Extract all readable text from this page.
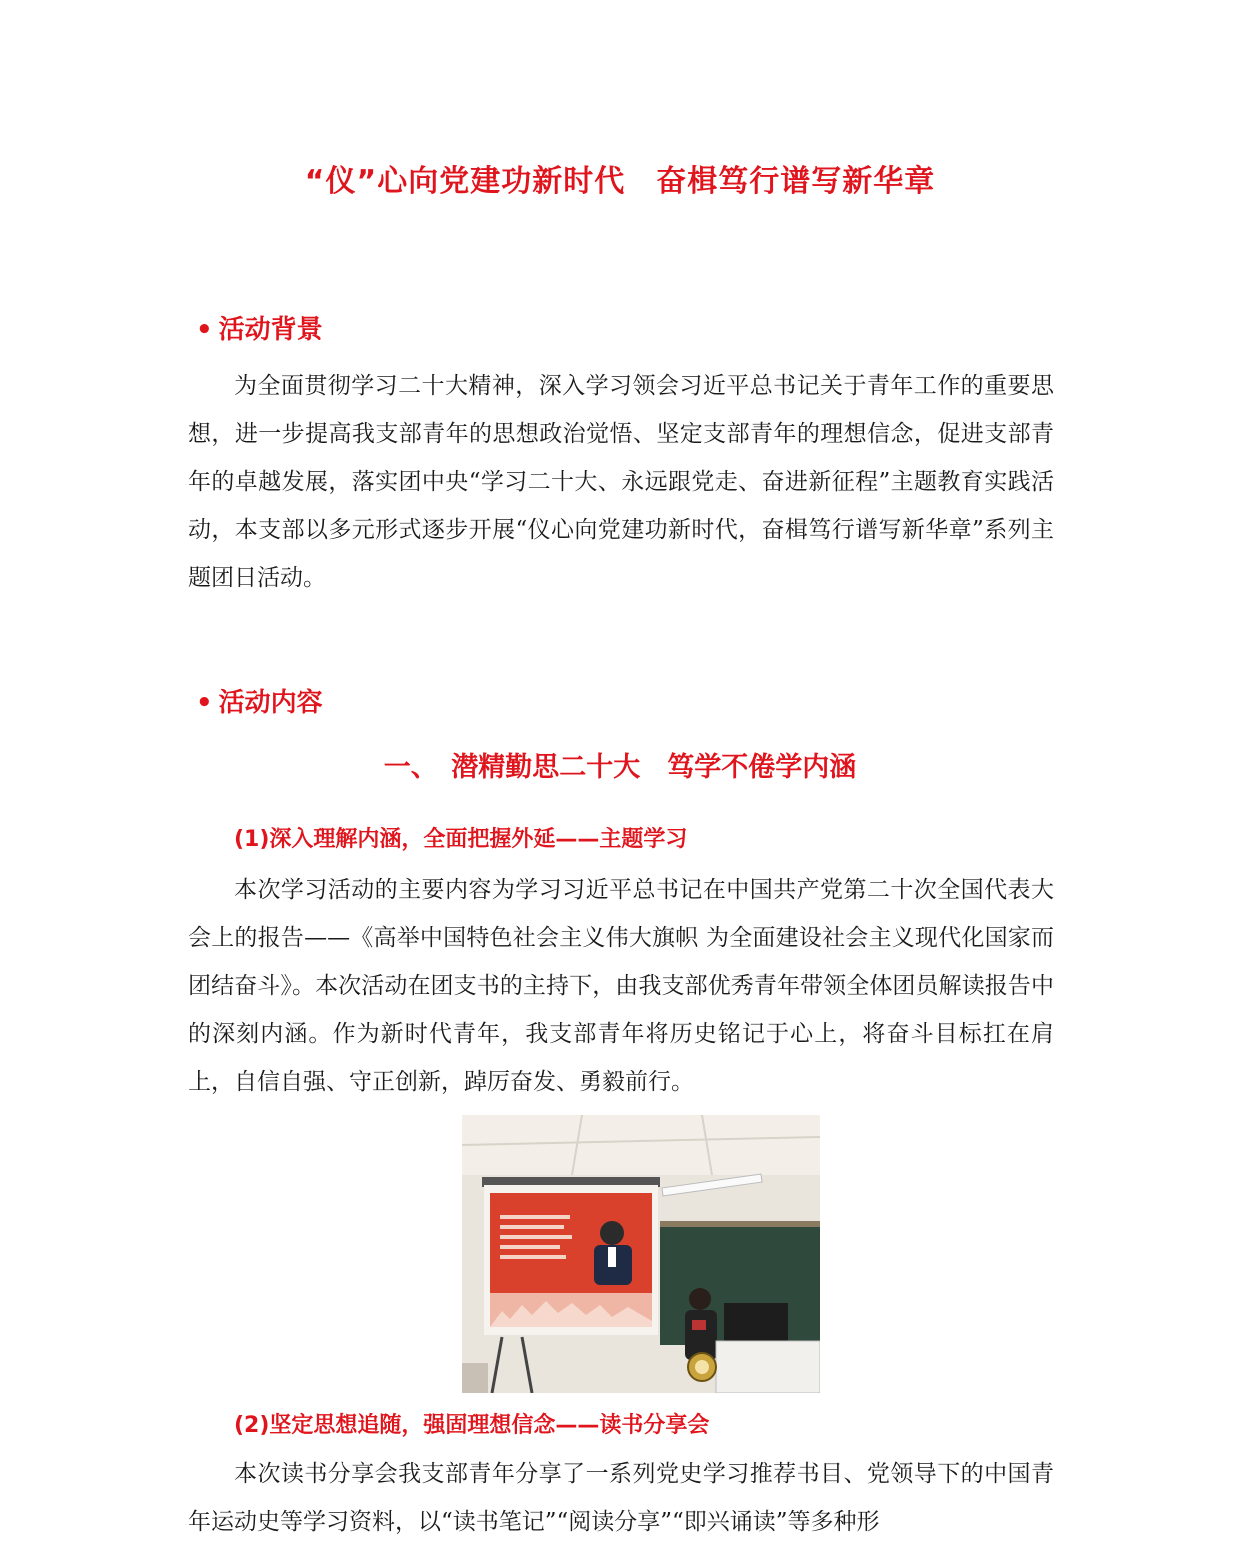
“仪”心向党建功新时代　奋楫笃行谱写新华章
• 活动背景

为全面贯彻学习二十大精神，深入学习领会习近平总书记关于青年工作的重要思想，进一步提高我支部青年的思想政治觉悟、坚定支部青年的理想信念，促进支部青年的卓越发展，落实团中央“学习二十大、永远跟党走、奋进新征程”主题教育实践活动，本支部以多元形式逐步开展“仪心向党建功新时代，奋楫笃行谱写新华章”系列主题团日活动。

• 活动内容
一、　潜精勤思二十大　笃学不倦学内涵
(1)深入理解内涵，全面把握外延——主题学习

本次学习活动的主要内容为学习习近平总书记在中国共产党第二十次全国代表大会上的报告——《高举中国特色社会主义伟大旗帜 为全面建设社会主义现代化国家而团结奋斗》。本次活动在团支书的主持下，由我支部优秀青年带领全体团员解读报告中的深刻内涵。作为新时代青年，我支部青年将历史铭记于心上，将奋斗目标扛在肩上，自信自强、守正创新，踔厉奋发、勇毅前行。

(2)坚定思想追随，强固理想信念——读书分享会

本次读书分享会我支部青年分享了一系列党史学习推荐书目、党领导下的中国青年运动史等学习资料，以“读书笔记”“阅读分享”“即兴诵读”等多种形
